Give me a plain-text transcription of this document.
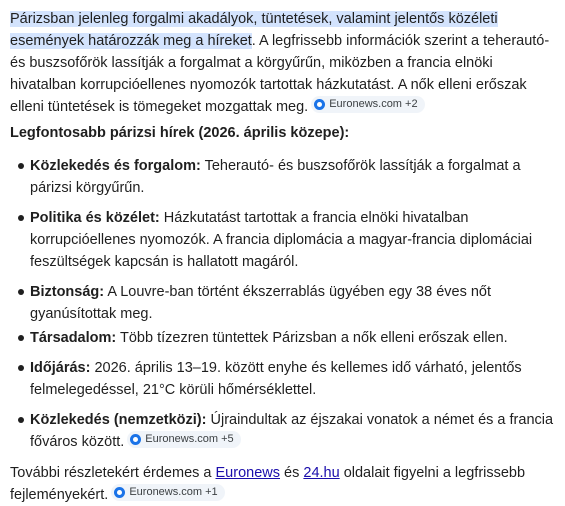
Párizsban jelenleg forgalmi akadályok, tüntetések, valamint jelentős közéleti események határozzák meg a híreket. A legfrissebb információk szerint a teherautó- és buszsofőrök lassítják a forgalmat a körgyűrűn, miközben a francia elnöki hivatalban korrupcióellenes nyomozók tartottak házkutatást. A nők elleni erőszak elleni tüntetések is tömegeket mozgattak meg. Euronews.com +2

Legfontosabb párizsi hírek (2026. április közepe):

Közlekedés és forgalom: Teherautó- és buszsofőrök lassítják a forgalmat a párizsi körgyűrűn.
Politika és közélet: Házkutatást tartottak a francia elnöki hivatalban korrupcióellenes nyomozók. A francia diplomácia a magyar-francia diplomáciai feszültségek kapcsán is hallatott magáról.
Biztonság: A Louvre-ban történt ékszerrablás ügyében egy 38 éves nőt gyanúsítottak meg.
Társadalom: Több tízezren tüntettek Párizsban a nők elleni erőszak ellen.
Időjárás: 2026. április 13–19. között enyhe és kellemes idő várható, jelentős felmelegedéssel, 21°C körüli hőmérséklettel.
Közlekedés (nemzetközi): Újraindultak az éjszakai vonatok a német és a francia főváros között. Euronews.com +5

További részletekért érdemes a Euronews és 24.hu oldalait figyelni a legfrissebb fejleményekért. Euronews.com +1
